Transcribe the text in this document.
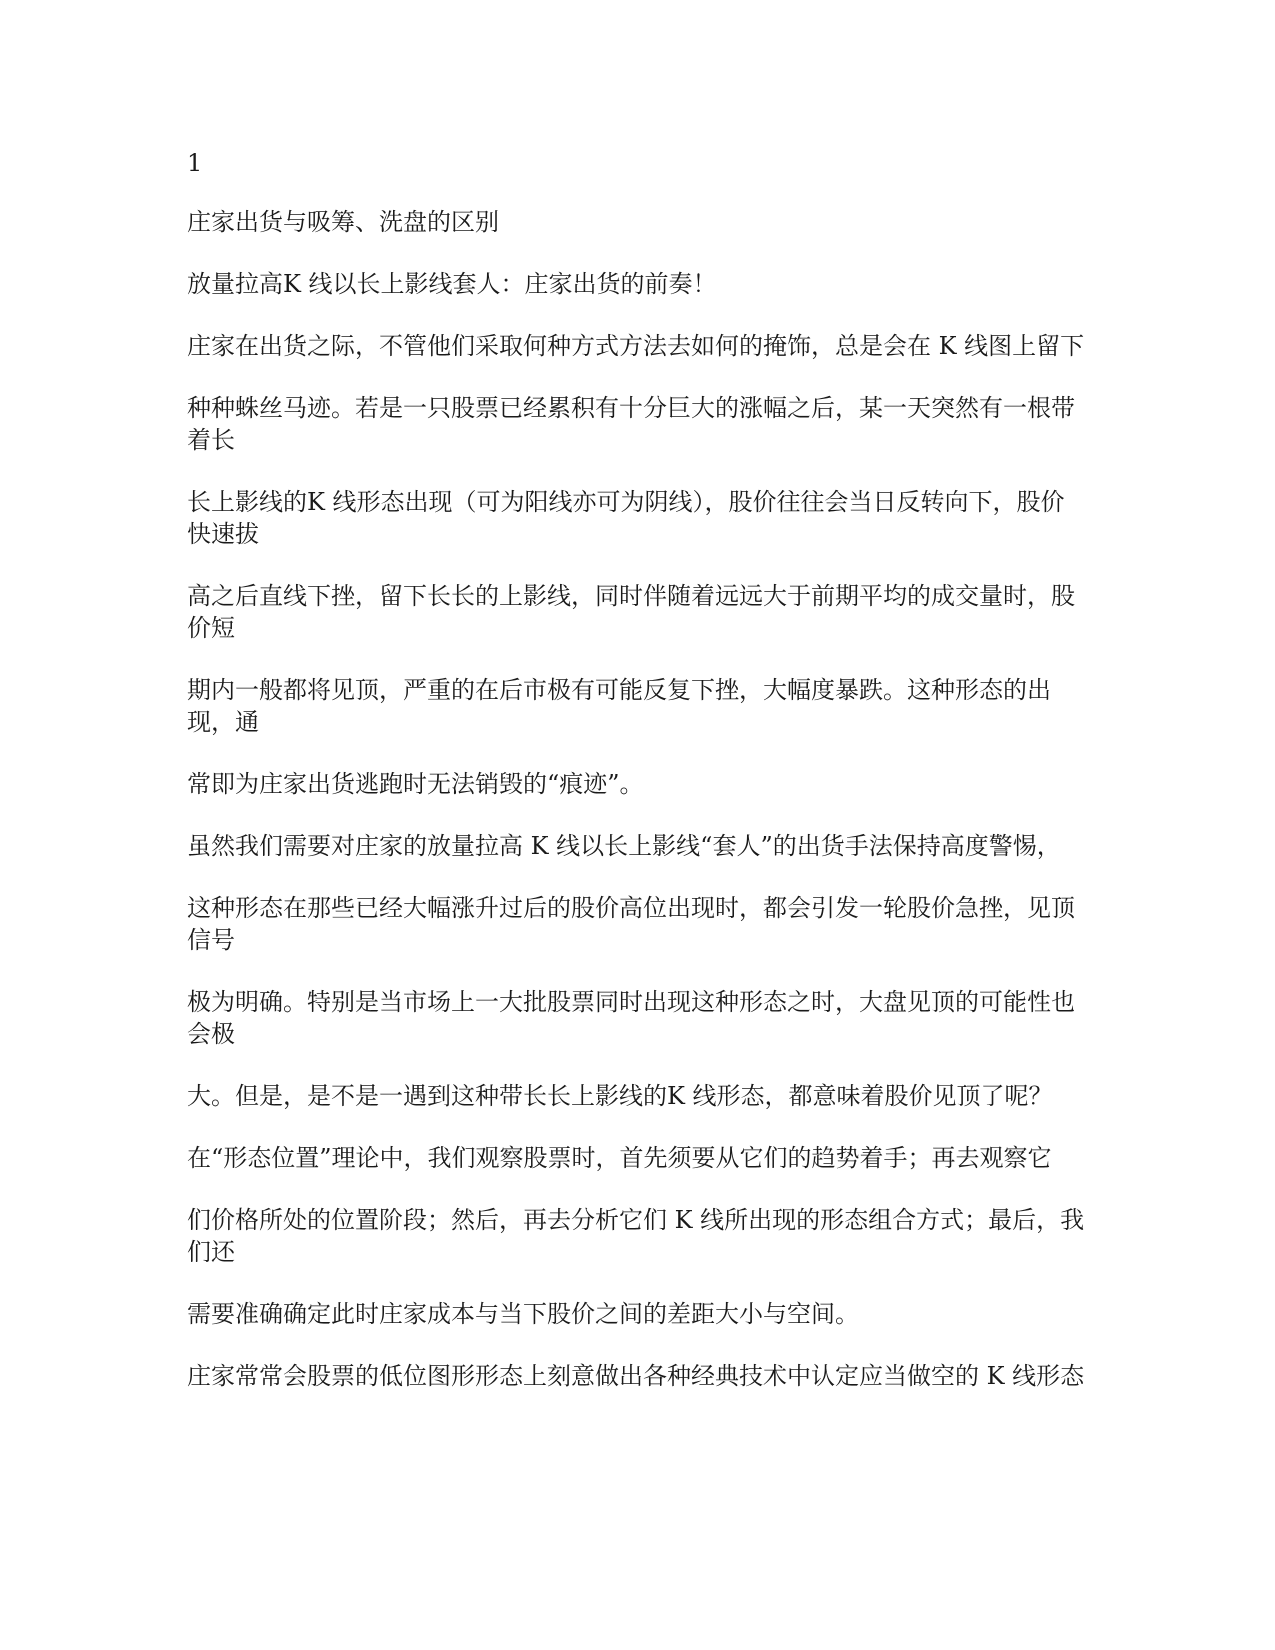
1

庄家出货与吸筹、洗盘的区别

放量拉高K 线以长上影线套人：庄家出货的前奏！

庄家在出货之际，不管他们采取何种方式方法去如何的掩饰，总是会在 K 线图上留下

种种蛛丝马迹。若是一只股票已经累积有十分巨大的涨幅之后，某一天突然有一根带着长

长上影线的K 线形态出现（可为阳线亦可为阴线），股价往往会当日反转向下，股价快速拔

高之后直线下挫，留下长长的上影线，同时伴随着远远大于前期平均的成交量时，股价短

期内一般都将见顶，严重的在后市极有可能反复下挫，大幅度暴跌。这种形态的出现，通

常即为庄家出货逃跑时无法销毁的“痕迹”。

虽然我们需要对庄家的放量拉高 K 线以长上影线“套人”的出货手法保持高度警惕，

这种形态在那些已经大幅涨升过后的股价高位出现时，都会引发一轮股价急挫，见顶信号

极为明确。特别是当市场上一大批股票同时出现这种形态之时，大盘见顶的可能性也会极

大。但是，是不是一遇到这种带长长上影线的K 线形态，都意味着股价见顶了呢？

在“形态位置”理论中，我们观察股票时，首先须要从它们的趋势着手；再去观察它

们价格所处的位置阶段；然后，再去分析它们 K 线所出现的形态组合方式；最后，我们还

需要准确确定此时庄家成本与当下股价之间的差距大小与空间。

庄家常常会股票的低位图形形态上刻意做出各种经典技术中认定应当做空的 K 线形态
